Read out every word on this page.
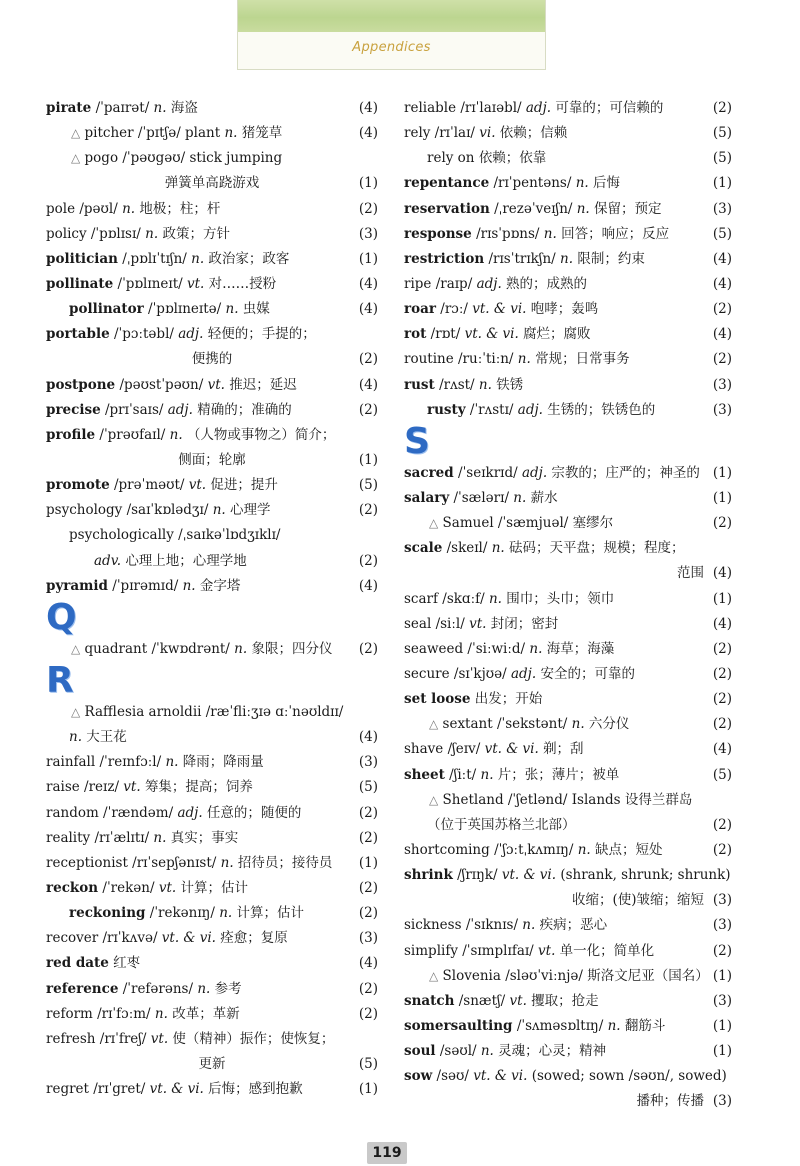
Appendices
pirate /ˈpaɪrət/ n. 海盗	(4)
△ pitcher /ˈpɪtʃə/ plant n. 猪笼草	(4)
△ pogo /ˈpəʊgəʊ/ stick jumping
弹簧单高跷游戏	(1)
pole /pəʊl/ n. 地极；柱；杆	(2)
policy /ˈpɒlɪsɪ/ n. 政策；方针	(3)
politician /ˌpɒlɪˈtɪʃn/ n. 政治家；政客	(1)
pollinate /ˈpɒlɪneɪt/ vt. 对……授粉	(4)
pollinator /ˈpɒlɪneɪtə/ n. 虫媒	(4)
portable /ˈpɔːtəbl/ adj. 轻便的；手提的；
便携的	(2)
postpone /pəʊstˈpəʊn/ vt. 推迟；延迟	(4)
precise /prɪˈsaɪs/ adj. 精确的；准确的	(2)
profile /ˈprəʊfaɪl/ n. （人物或事物之）简介；
侧面；轮廓	(1)
promote /prəˈməʊt/ vt. 促进；提升	(5)
psychology /saɪˈkɒlədʒɪ/ n. 心理学	(2)
psychologically /ˌsaɪkəˈlɒdʒɪklɪ/
adv. 心理上地；心理学地	(2)
pyramid /ˈpɪrəmɪd/ n. 金字塔	(4)
Q
△ quadrant /ˈkwɒdrənt/ n. 象限；四分仪 (2)
R
△ Rafflesia arnoldii /ræˈfliːʒɪə ɑːˈnəʊldɪɪ/
n. 大王花	(4)
rainfall /ˈreɪnfɔːl/ n. 降雨；降雨量	(3)
raise /reɪz/ vt. 筹集；提高；饲养	(5)
random /ˈrændəm/ adj. 任意的；随便的	(2)
reality /rɪˈælɪtɪ/ n. 真实；事实	(2)
receptionist /rɪˈsepʃənɪst/ n. 招待员；接待员 (1)
reckon /ˈrekən/ vt. 计算；估计	(2)
reckoning /ˈrekənɪŋ/ n. 计算；估计	(2)
recover /rɪˈkʌvə/ vt. & vi. 痊愈；复原	(3)
red date 红枣	(4)
reference /ˈrefərəns/ n. 参考	(2)
reform /rɪˈfɔːm/ n. 改革；革新	(2)
refresh /rɪˈfreʃ/ vt. 使（精神）振作；使恢复；
更新	(5)
regret /rɪˈgret/ vt. & vi. 后悔；感到抱歉	(1)
reliable /rɪˈlaɪəbl/ adj. 可靠的；可信赖的	(2)
rely /rɪˈlaɪ/ vi. 依赖；信赖	(5)
rely on 依赖；依靠	(5)
repentance /rɪˈpentəns/ n. 后悔	(1)
reservation /ˌrezəˈveɪʃn/ n. 保留；预定	(3)
response /rɪsˈpɒns/ n. 回答；响应；反应	(5)
restriction /rɪsˈtrɪkʃn/ n. 限制；约束	(4)
ripe /raɪp/ adj. 熟的；成熟的	(4)
roar /rɔː/ vt. & vi. 咆哮；轰鸣	(2)
rot /rɒt/ vt. & vi. 腐烂；腐败	(4)
routine /ruːˈtiːn/ n. 常规；日常事务	(2)
rust /rʌst/ n. 铁锈	(3)
rusty /ˈrʌstɪ/ adj. 生锈的；铁锈色的	(3)
S
sacred /ˈseɪkrɪd/ adj. 宗教的；庄严的；神圣的 (1)
salary /ˈsælərɪ/ n. 薪水	(1)
△ Samuel /ˈsæmjuəl/ 塞缪尔	(2)
scale /skeɪl/ n. 砝码；天平盘；规模；程度；
范围 (4)
scarf /skɑːf/ n. 围巾；头巾；领巾	(1)
seal /siːl/ vt. 封闭；密封	(4)
seaweed /ˈsiːwiːd/ n. 海草；海藻	(2)
secure /sɪˈkjʊə/ adj. 安全的；可靠的	(2)
set loose 出发；开始	(2)
△ sextant /ˈsekstənt/ n. 六分仪	(2)
shave /ʃeɪv/ vt. & vi. 剃；刮	(4)
sheet /ʃiːt/ n. 片；张；薄片；被单	(5)
△ Shetland /ˈʃetlənd/ Islands 设得兰群岛
（位于英国苏格兰北部）	(2)
shortcoming /ˈʃɔːtˌkʌmɪŋ/ n. 缺点；短处	(2)
shrink /ʃrɪŋk/ vt. & vi. (shrank, shrunk; shrunk)
收缩；(使)皱缩；缩短 (3)
sickness /ˈsɪknɪs/ n. 疾病；恶心	(3)
simplify /ˈsɪmplɪfaɪ/ vt. 单一化；简单化	(2)
△ Slovenia /sləʊˈviːnjə/ 斯洛文尼亚（国名） (1)
snatch /snætʃ/ vt. 攫取；抢走	(3)
somersaulting /ˈsʌməsɒltɪŋ/ n. 翻筋斗	(1)
soul /səʊl/ n. 灵魂；心灵；精神	(1)
sow /səʊ/ vt. & vi. (sowed; sown /səʊn/, sowed)
播种；传播 (3)
119
